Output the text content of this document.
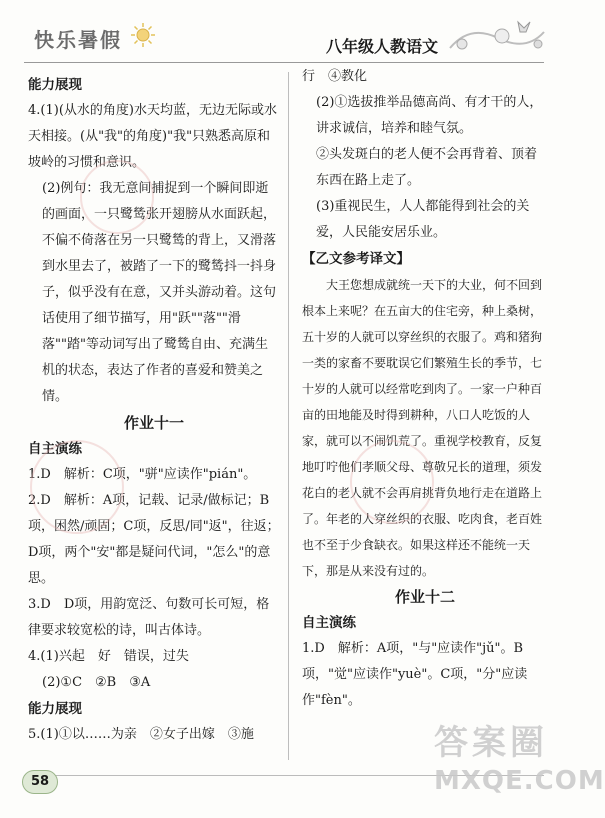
快乐暑假	八年级人教语文

能力展现

4.(1)(从水的角度)水天均蓝，无边无际或水天相接。(从"我"的角度)"我"只熟悉高原和坡岭的习惯和意识。

(2)例句：我无意间捕捉到一个瞬间即逝的画面，一只鹭鸶张开翅膀从水面跃起，不偏不倚落在另一只鹭鸶的背上，又滑落到水里去了，被踏了一下的鹭鸶抖一抖身子，似乎没有在意，又并头游动着。这句话使用了细节描写，用"跃""落""滑落""踏"等动词写出了鹭鸶自由、充满生机的状态，表达了作者的喜爱和赞美之情。

作业十一

自主演练

1.D　解析：C项，"骈"应读作"pián"。

2.D　解析：A项，记载、记录/做标记；B项，困然/顽固；C项，反思/同"返"，往返；D项，两个"安"都是疑问代词，"怎么"的意思。

3.D　D项，用韵宽泛、句数可长可短，格律要求较宽松的诗，叫古体诗。

4.(1)兴起　好　错误，过失

(2)①C　②B　③A

能力展现

5.(1)①以……为亲　②女子出嫁　③施

行　④教化

(2)①选拔推举品德高尚、有才干的人，讲求诚信，培养和睦气氛。

②头发斑白的老人便不会再背着、顶着东西在路上走了。

(3)重视民生，人人都能得到社会的关爱，人民能安居乐业。

【乙文参考译文】

大王您想成就统一天下的大业，何不回到根本上来呢？在五亩大的住宅旁，种上桑树，五十岁的人就可以穿丝织的衣服了。鸡和猪狗一类的家畜不要耽误它们繁殖生长的季节，七十岁的人就可以经常吃到肉了。一家一户种百亩的田地能及时得到耕种，八口人吃饭的人家，就可以不闹饥荒了。重视学校教育，反复地叮咛他们孝顺父母、尊敬兄长的道理，须发花白的老人就不会再肩挑背负地行走在道路上了。年老的人穿丝织的衣服、吃肉食，老百姓也不至于少食缺衣。如果这样还不能统一天下，那是从来没有过的。

作业十二

自主演练

1.D　解析：A项，"与"应读作"jǔ"。B项，"觉"应读作"yuè"。C项，"分"应读作"fèn"。

58
答案圈
MXQE.COM
